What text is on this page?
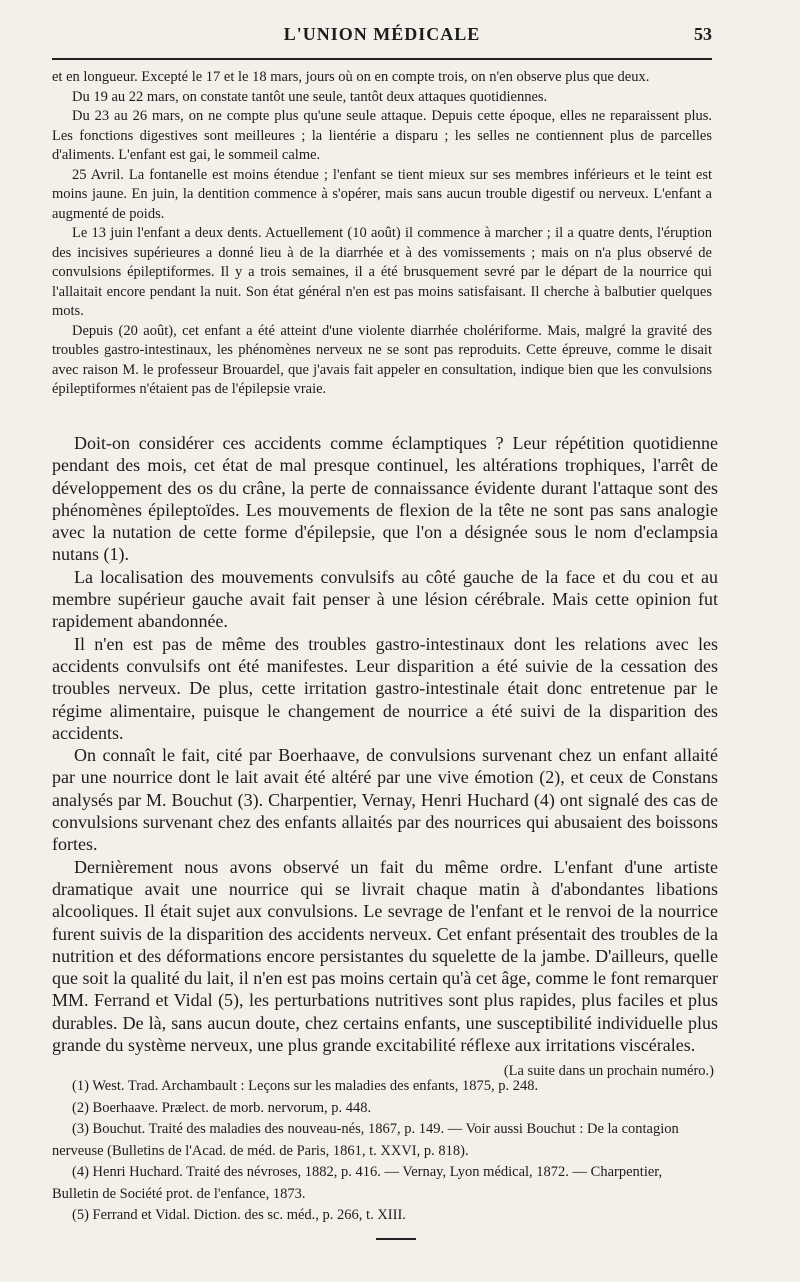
L'UNION MÉDICALE	53

et en longueur. Excepté le 17 et le 18 mars, jours où on en compte trois, on n'en observe plus que deux.

Du 19 au 22 mars, on constate tantôt une seule, tantôt deux attaques quotidiennes.

Du 23 au 26 mars, on ne compte plus qu'une seule attaque. Depuis cette époque, elles ne reparaissent plus. Les fonctions digestives sont meilleures ; la lientérie a disparu ; les selles ne contiennent plus de parcelles d'aliments. L'enfant est gai, le sommeil calme.

25 Avril. La fontanelle est moins étendue ; l'enfant se tient mieux sur ses membres inférieurs et le teint est moins jaune. En juin, la dentition commence à s'opérer, mais sans aucun trouble digestif ou nerveux. L'enfant a augmenté de poids.

Le 13 juin l'enfant a deux dents. Actuellement (10 août) il commence à marcher ; il a quatre dents, l'éruption des incisives supérieures a donné lieu à de la diarrhée et à des vomissements ; mais on n'a plus observé de convulsions épileptiformes. Il y a trois semaines, il a été brusquement sevré par le départ de la nourrice qui l'allaitait encore pendant la nuit. Son état général n'en est pas moins satisfaisant. Il cherche à balbutier quelques mots.

Depuis (20 août), cet enfant a été atteint d'une violente diarrhée cholériforme. Mais, malgré la gravité des troubles gastro-intestinaux, les phénomènes nerveux ne se sont pas reproduits. Cette épreuve, comme le disait avec raison M. le professeur Brouardel, que j'avais fait appeler en consultation, indique bien que les convulsions épileptiformes n'étaient pas de l'épilepsie vraie.

Doit-on considérer ces accidents comme éclamptiques ? Leur répétition quotidienne pendant des mois, cet état de mal presque continuel, les altérations trophiques, l'arrêt de développement des os du crâne, la perte de connaissance évidente durant l'attaque sont des phénomènes épileptoïdes. Les mouvements de flexion de la tête ne sont pas sans analogie avec la nutation de cette forme d'épilepsie, que l'on a désignée sous le nom d'eclampsia nutans (1).

La localisation des mouvements convulsifs au côté gauche de la face et du cou et au membre supérieur gauche avait fait penser à une lésion cérébrale. Mais cette opinion fut rapidement abandonnée.

Il n'en est pas de même des troubles gastro-intestinaux dont les relations avec les accidents convulsifs ont été manifestes. Leur disparition a été suivie de la cessation des troubles nerveux. De plus, cette irritation gastro-intestinale était donc entretenue par le régime alimentaire, puisque le changement de nourrice a été suivi de la disparition des accidents.

On connaît le fait, cité par Boerhaave, de convulsions survenant chez un enfant allaité par une nourrice dont le lait avait été altéré par une vive émotion (2), et ceux de Constans analysés par M. Bouchut (3). Charpentier, Vernay, Henri Huchard (4) ont signalé des cas de convulsions survenant chez des enfants allaités par des nourrices qui abusaient des boissons fortes.

Dernièrement nous avons observé un fait du même ordre. L'enfant d'une artiste dramatique avait une nourrice qui se livrait chaque matin à d'abondantes libations alcooliques. Il était sujet aux convulsions. Le sevrage de l'enfant et le renvoi de la nourrice furent suivis de la disparition des accidents nerveux. Cet enfant présentait des troubles de la nutrition et des déformations encore persistantes du squelette de la jambe. D'ailleurs, quelle que soit la qualité du lait, il n'en est pas moins certain qu'à cet âge, comme le font remarquer MM. Ferrand et Vidal (5), les perturbations nutritives sont plus rapides, plus faciles et plus durables. De là, sans aucun doute, chez certains enfants, une susceptibilité individuelle plus grande du système nerveux, une plus grande excitabilité réflexe aux irritations viscérales.

(La suite dans un prochain numéro.)

(1) West. Trad. Archambault : Leçons sur les maladies des enfants, 1875, p. 248.

(2) Boerhaave. Prælect. de morb. nervorum, p. 448.

(3) Bouchut. Traité des maladies des nouveau-nés, 1867, p. 149. — Voir aussi Bouchut : De la contagion nerveuse (Bulletins de l'Acad. de méd. de Paris, 1861, t. XXVI, p. 818).

(4) Henri Huchard. Traité des névroses, 1882, p. 416. — Vernay, Lyon médical, 1872. — Charpentier, Bulletin de Société prot. de l'enfance, 1873.

(5) Ferrand et Vidal. Diction. des sc. méd., p. 266, t. XIII.
